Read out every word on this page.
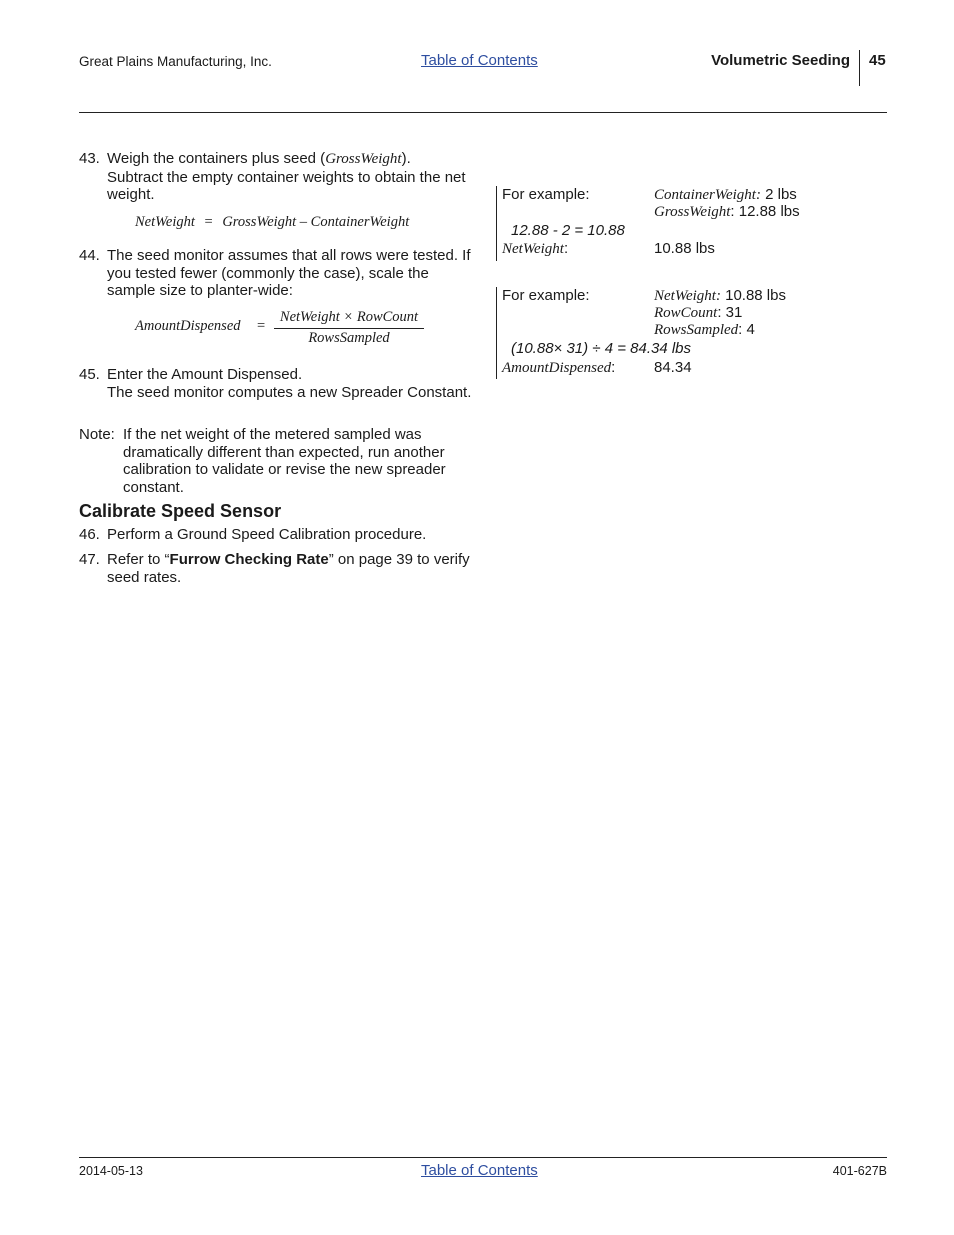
Great Plains Manufacturing, Inc.	Table of Contents	Volumetric Seeding 45
43. Weigh the containers plus seed (GrossWeight).
Subtract the empty container weights to obtain the net weight.
NetWeight = GrossWeight – ContainerWeight
44. The seed monitor assumes that all rows were tested. If you tested fewer (commonly the case), scale the sample size to planter-wide:
AmountDispensed =
NetWeight × RowCount
RowsSampled
45. Enter the Amount Dispensed.
The seed monitor computes a new Spreader Constant.
Note: If the net weight of the metered sampled was dramatically different than expected, run another calibration to validate or revise the new spreader constant.
Calibrate Speed Sensor
46. Perform a Ground Speed Calibration procedure.
47. Refer to “Furrow Checking Rate” on page 39 to verify seed rates.
For example:	ContainerWeight: 2 lbs
GrossWeight: 12.88 lbs
12.88 - 2 = 10.88
NetWeight:	10.88 lbs
For example:	NetWeight: 10.88 lbs
RowCount: 31
RowsSampled: 4
(10.88× 31) ÷ 4 = 84.34 lbs
AmountDispensed:	84.34
2014-05-13	Table of Contents	401-627B
